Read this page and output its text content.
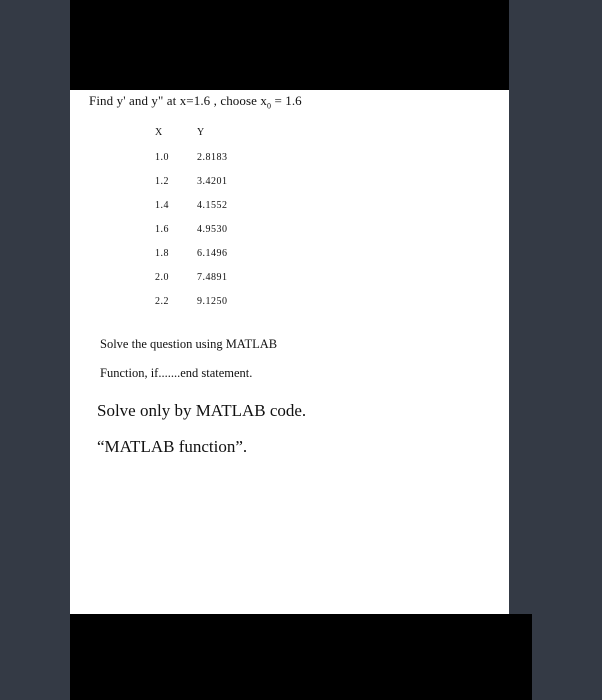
Find y' and y" at x=1.6 , choose $x_0 = 1.6$
X	Y
1.0	2.8183
1.2	3.4201
1.4	4.1552
1.6	4.9530
1.8	6.1496
2.0	7.4891
2.2	9.1250
Solve the question using MATLAB
Function, if.......end statement.
Solve only by MATLAB code.
“MATLAB function”.
